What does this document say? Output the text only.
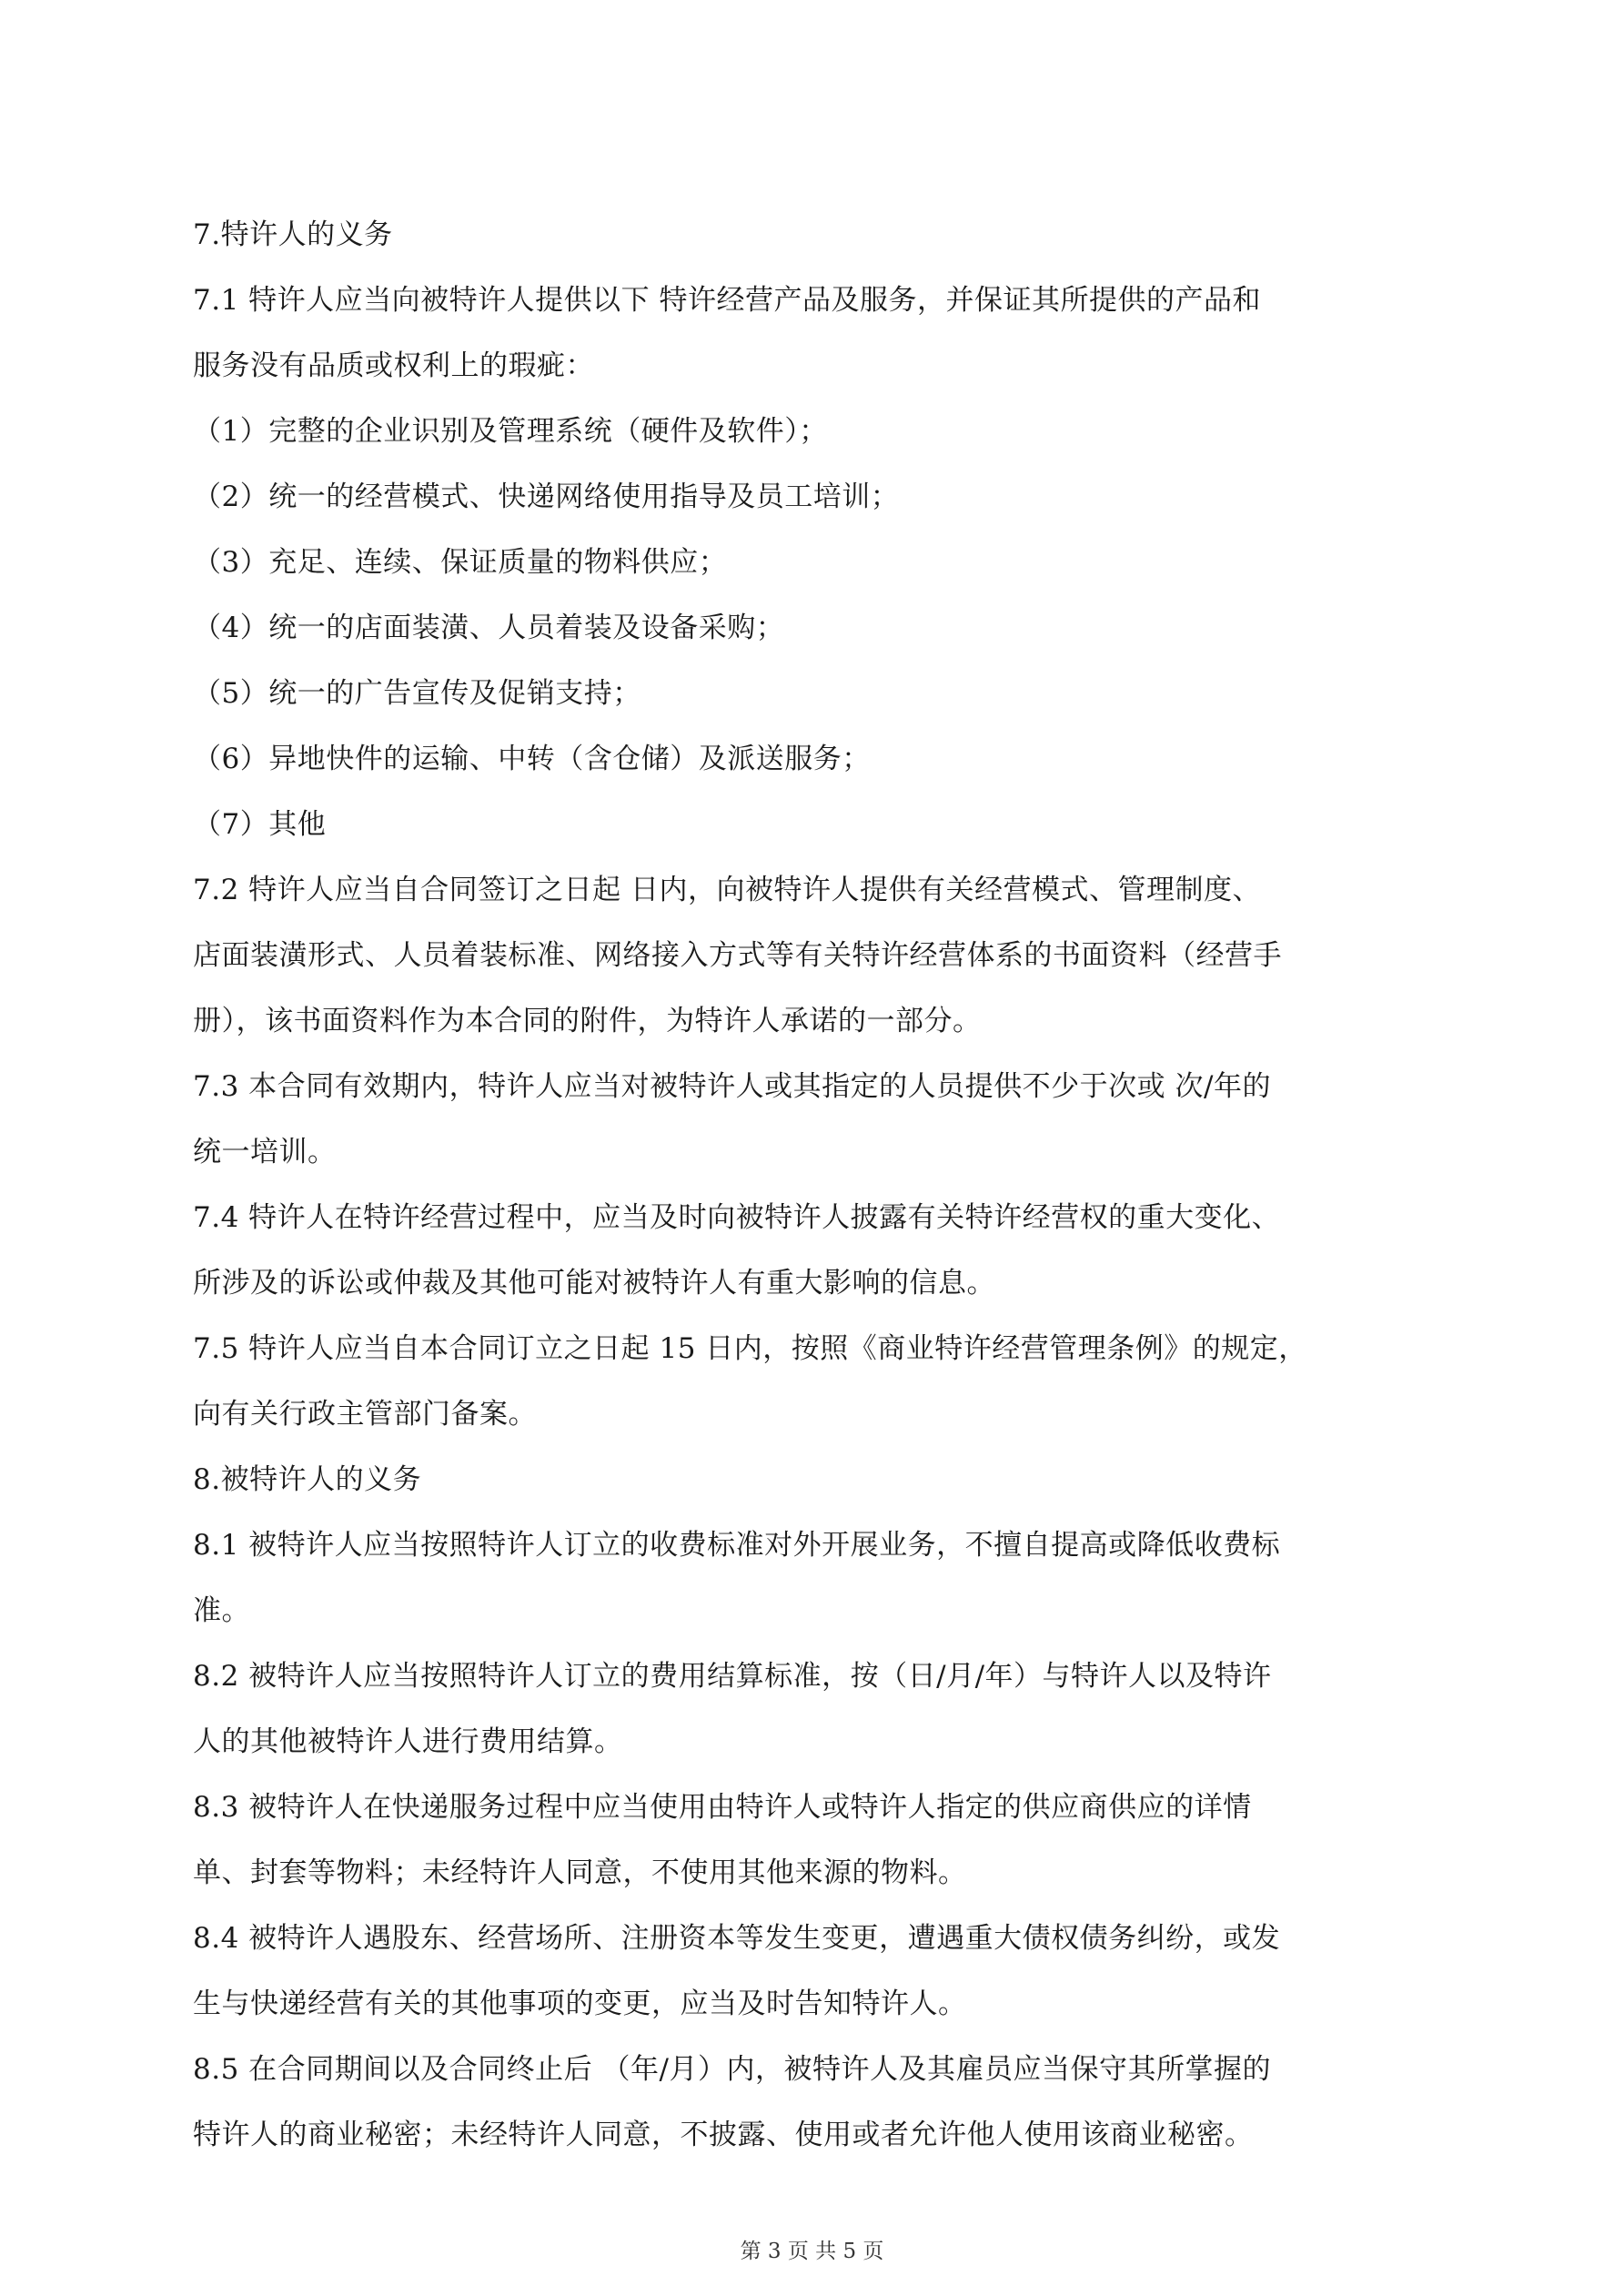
7.特许人的义务
7.1 特许人应当向被特许人提供以下 特许经营产品及服务，并保证其所提供的产品和
服务没有品质或权利上的瑕疵：
（1）完整的企业识别及管理系统（硬件及软件）；
（2）统一的经营模式、快递网络使用指导及员工培训；
（3）充足、连续、保证质量的物料供应；
（4）统一的店面装潢、人员着装及设备采购；
（5）统一的广告宣传及促销支持；
（6）异地快件的运输、中转（含仓储）及派送服务；
（7）其他
7.2 特许人应当自合同签订之日起 日内，向被特许人提供有关经营模式、管理制度、
店面装潢形式、人员着装标准、网络接入方式等有关特许经营体系的书面资料（经营手
册），该书面资料作为本合同的附件，为特许人承诺的一部分。
7.3 本合同有效期内，特许人应当对被特许人或其指定的人员提供不少于次或 次/年的
统一培训。
7.4 特许人在特许经营过程中，应当及时向被特许人披露有关特许经营权的重大变化、
所涉及的诉讼或仲裁及其他可能对被特许人有重大影响的信息。
7.5 特许人应当自本合同订立之日起 15 日内，按照《商业特许经营管理条例》的规定，
向有关行政主管部门备案。
8.被特许人的义务
8.1 被特许人应当按照特许人订立的收费标准对外开展业务，不擅自提高或降低收费标
准。
8.2 被特许人应当按照特许人订立的费用结算标准，按（日/月/年）与特许人以及特许
人的其他被特许人进行费用结算。
8.3 被特许人在快递服务过程中应当使用由特许人或特许人指定的供应商供应的详情
单、封套等物料；未经特许人同意，不使用其他来源的物料。
8.4 被特许人遇股东、经营场所、注册资本等发生变更，遭遇重大债权债务纠纷，或发
生与快递经营有关的其他事项的变更，应当及时告知特许人。
8.5 在合同期间以及合同终止后 （年/月）内，被特许人及其雇员应当保守其所掌握的
特许人的商业秘密；未经特许人同意，不披露、使用或者允许他人使用该商业秘密。
第 3 页 共 5 页
